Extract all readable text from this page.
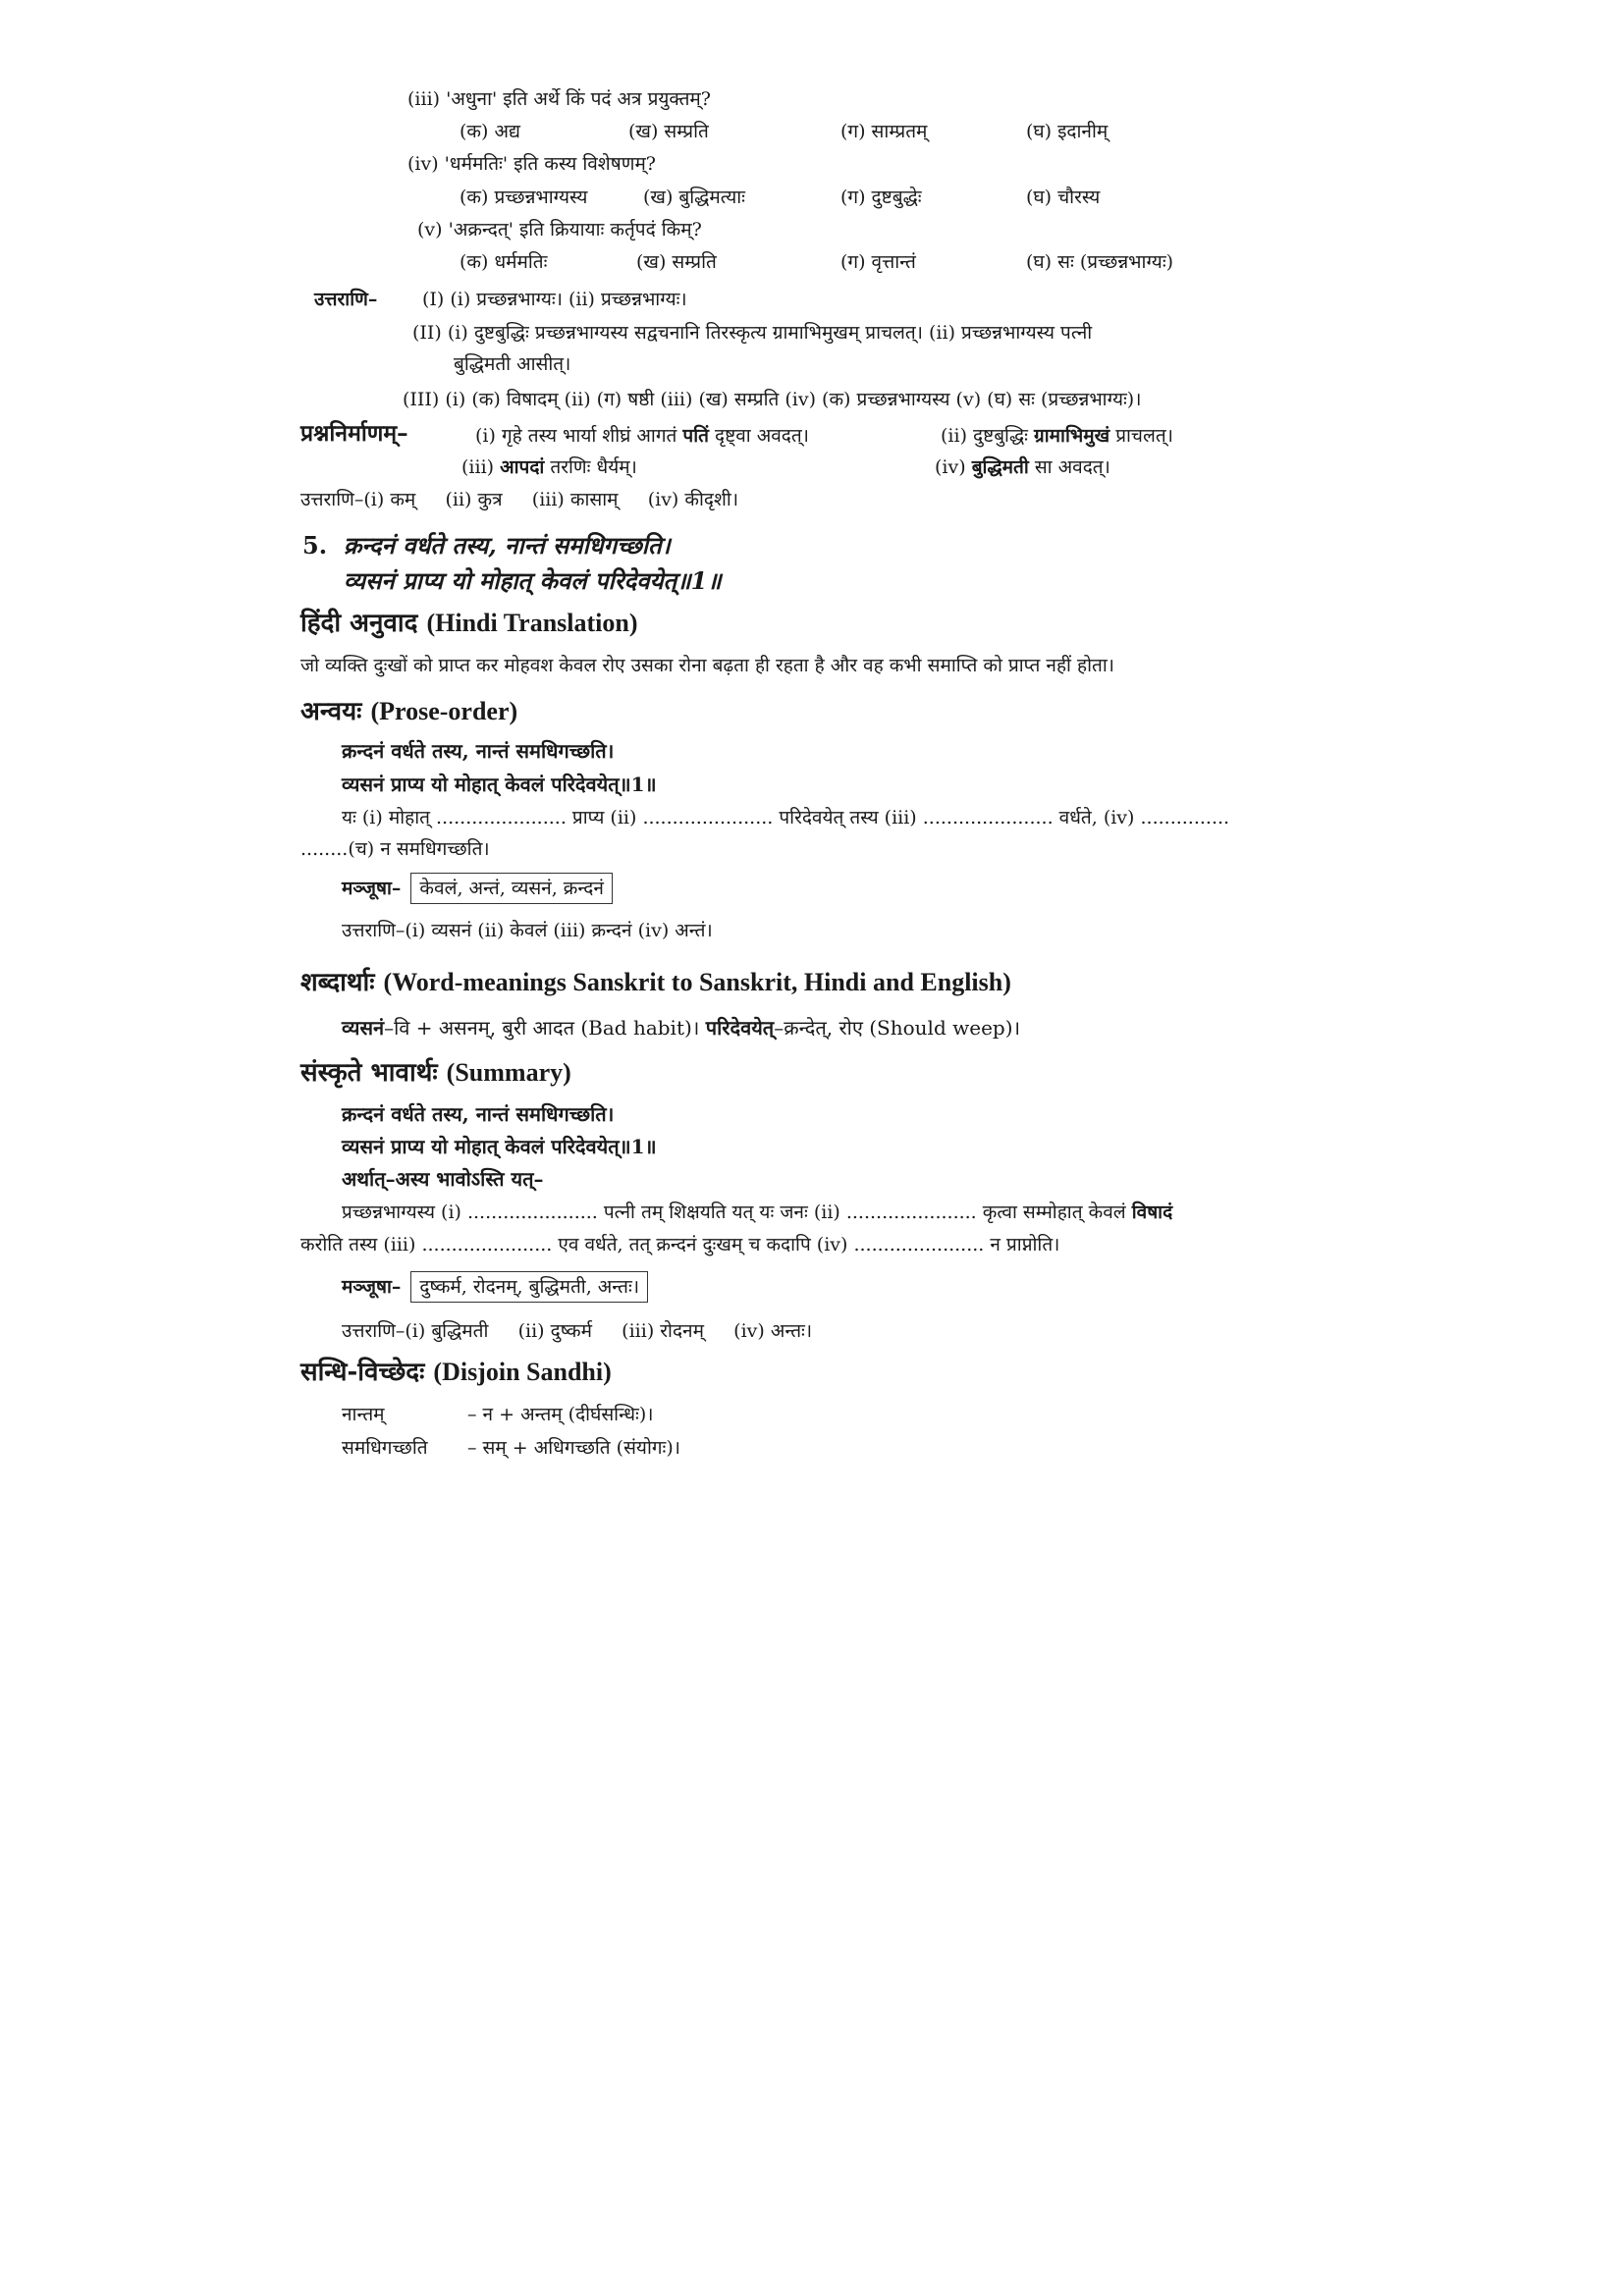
(iii) 'अधुना' इति अर्थे किं पदं अत्र प्रयुक्तम्?
(क) अद्य	(ख) सम्प्रति	(ग) साम्प्रतम्	(घ) इदानीम्
(iv) 'धर्ममतिः' इति कस्य विशेषणम्?
(क) प्रच्छन्नभाग्यस्य	(ख) बुद्धिमत्याः	(ग) दुष्टबुद्धेः	(घ) चौरस्य
(v) 'अक्रन्दत्' इति क्रियायाः कर्तृपदं किम्?
(क) धर्ममतिः	(ख) सम्प्रति	(ग) वृत्तान्तं	(घ) सः (प्रच्छन्नभाग्यः)
उत्तराणि– (I) (i) प्रच्छन्नभाग्यः। (ii) प्रच्छन्नभाग्यः।
(II) (i) दुष्टबुद्धिः प्रच्छन्नभाग्यस्य सद्वचनानि तिरस्कृत्य ग्रामाभिमुखम् प्राचलत्। (ii) प्रच्छन्नभाग्यस्य पत्नी
बुद्धिमती आसीत्।
(III) (i) (क) विषादम् (ii) (ग) षष्ठी (iii) (ख) सम्प्रति (iv) (क) प्रच्छन्नभाग्यस्य (v) (घ) सः (प्रच्छन्नभाग्यः)।
प्रश्ननिर्माणम्–	(i) गृहे तस्य भार्या शीघ्रं आगतं पतिं दृष्ट्वा अवदत्।	(ii) दुष्टबुद्धिः ग्रामाभिमुखं प्राचलत्।
(iii) आपदां तरणिः धैर्यम्।	(iv) बुद्धिमती सा अवदत्।
उत्तराणि–(i) कम्     (ii) कुत्र     (iii) कासाम्     (iv) कीदृशी।
5. क्रन्दनं वर्धते तस्य, नान्तं समधिगच्छति।
व्यसनं प्राप्य यो मोहात् केवलं परिदेवयेत्॥1॥
हिंदी अनुवाद (Hindi Translation)
जो व्यक्ति दुःखों को प्राप्त कर मोहवश केवल रोए उसका रोना बढ़ता ही रहता है और वह कभी समाप्ति को प्राप्त नहीं होता।
अन्वयः (Prose-order)
क्रन्दनं वर्धते तस्य, नान्तं समधिगच्छति।
व्यसनं प्राप्य यो मोहात् केवलं परिदेवयेत्॥1॥
यः (i) मोहात् ...................... प्राप्य (ii) ...................... परिदेवयेत् तस्य (iii) ...................... वर्धते, (iv) ...............
........(च) न समधिगच्छति।
मञ्जूषा– केवलं, अन्तं, व्यसनं, क्रन्दनं
उत्तराणि–(i) व्यसनं (ii) केवलं (iii) क्रन्दनं (iv) अन्तं।
शब्दार्थाः (Word-meanings Sanskrit to Sanskrit, Hindi and English)
व्यसनं–वि + असनम्, बुरी आदत (Bad habit)। परिदेवयेत्–क्रन्देत्, रोए (Should weep)।
संस्कृते भावार्थः (Summary)
क्रन्दनं वर्धते तस्य, नान्तं समधिगच्छति।
व्यसनं प्राप्य यो मोहात् केवलं परिदेवयेत्॥1॥
अर्थात्–अस्य भावोऽस्ति यत्–
प्रच्छन्नभाग्यस्य (i) ...................... पत्नी तम् शिक्षयति यत् यः जनः (ii) ...................... कृत्वा सम्मोहात् केवलं विषादं
करोति तस्य (iii) ...................... एव वर्धते, तत् क्रन्दनं दुःखम् च कदापि (iv) ...................... न प्राप्नोति।
मञ्जूषा– दुष्कर्म, रोदनम्, बुद्धिमती, अन्तः।
उत्तराणि–(i) बुद्धिमती     (ii) दुष्कर्म     (iii) रोदनम्     (iv) अन्तः।
सन्धि-विच्छेदः (Disjoin Sandhi)
नान्तम्	– न + अन्तम् (दीर्घसन्धिः)।
समधिगच्छति – सम् + अधिगच्छति (संयोगः)।
